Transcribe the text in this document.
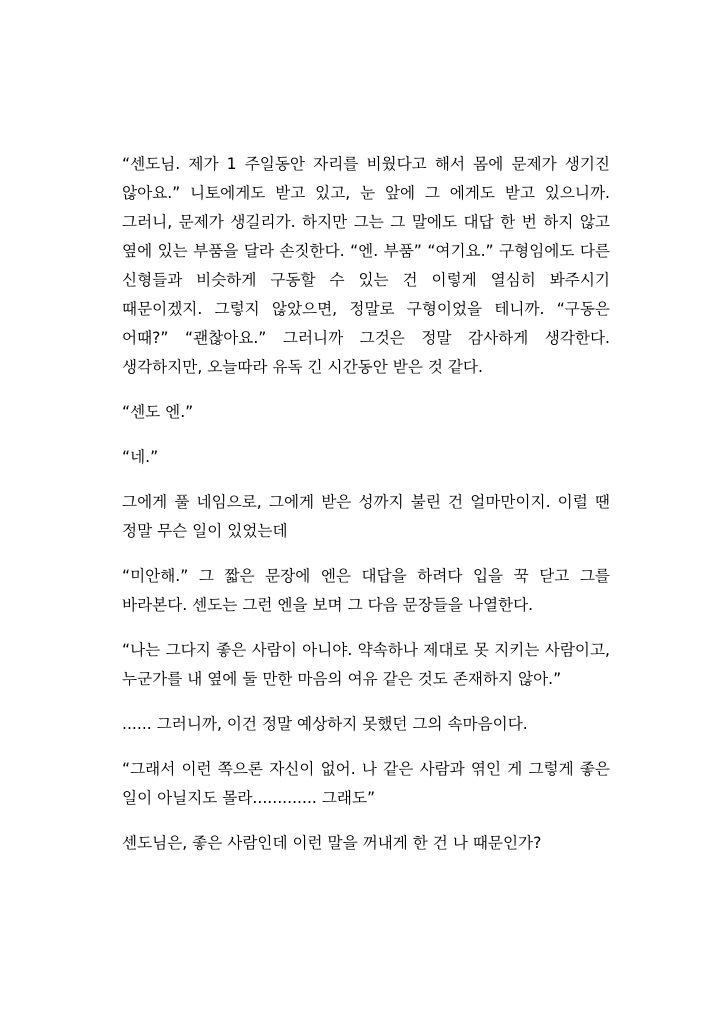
“센도님. 제가 1 주일동안 자리를 비웠다고 해서 몸에 문제가 생기진 않아요.” 니토에게도 받고 있고, 눈 앞에 그 에게도 받고 있으니까. 그러니, 문제가 생길리가. 하지만 그는 그 말에도 대답 한 번 하지 않고 옆에 있는 부품을 달라 손짓한다. “엔. 부품” “여기요.” 구형임에도 다른 신형들과 비슷하게 구동할 수 있는 건 이렇게 열심히 봐주시기 때문이겠지. 그렇지 않았으면, 정말로 구형이었을 테니까. “구동은 어때?” “괜찮아요.” 그러니까 그것은 정말 감사하게 생각한다. 생각하지만, 오늘따라 유독 긴 시간동안 받은 것 같다.

“센도 엔.”

“네.”

그에게 풀 네임으로, 그에게 받은 성까지 불린 건 얼마만이지. 이럴 땐 정말 무슨 일이 있었는데

“미안해.” 그 짧은 문장에 엔은 대답을 하려다 입을 꾹 닫고 그를 바라본다. 센도는 그런 엔을 보며 그 다음 문장들을 나열한다.

“나는 그다지 좋은 사람이 아니야. 약속하나 제대로 못 지키는 사람이고, 누군가를 내 옆에 둘 만한 마음의 여유 같은 것도 존재하지 않아.”

...... 그러니까, 이건 정말 예상하지 못했던 그의 속마음이다.

“그래서 이런 쪽으론 자신이 없어. 나 같은 사람과 엮인 게 그렇게 좋은 일이 아닐지도 몰라............. 그래도”

센도님은, 좋은 사람인데 이런 말을 꺼내게 한 건 나 때문인가?
